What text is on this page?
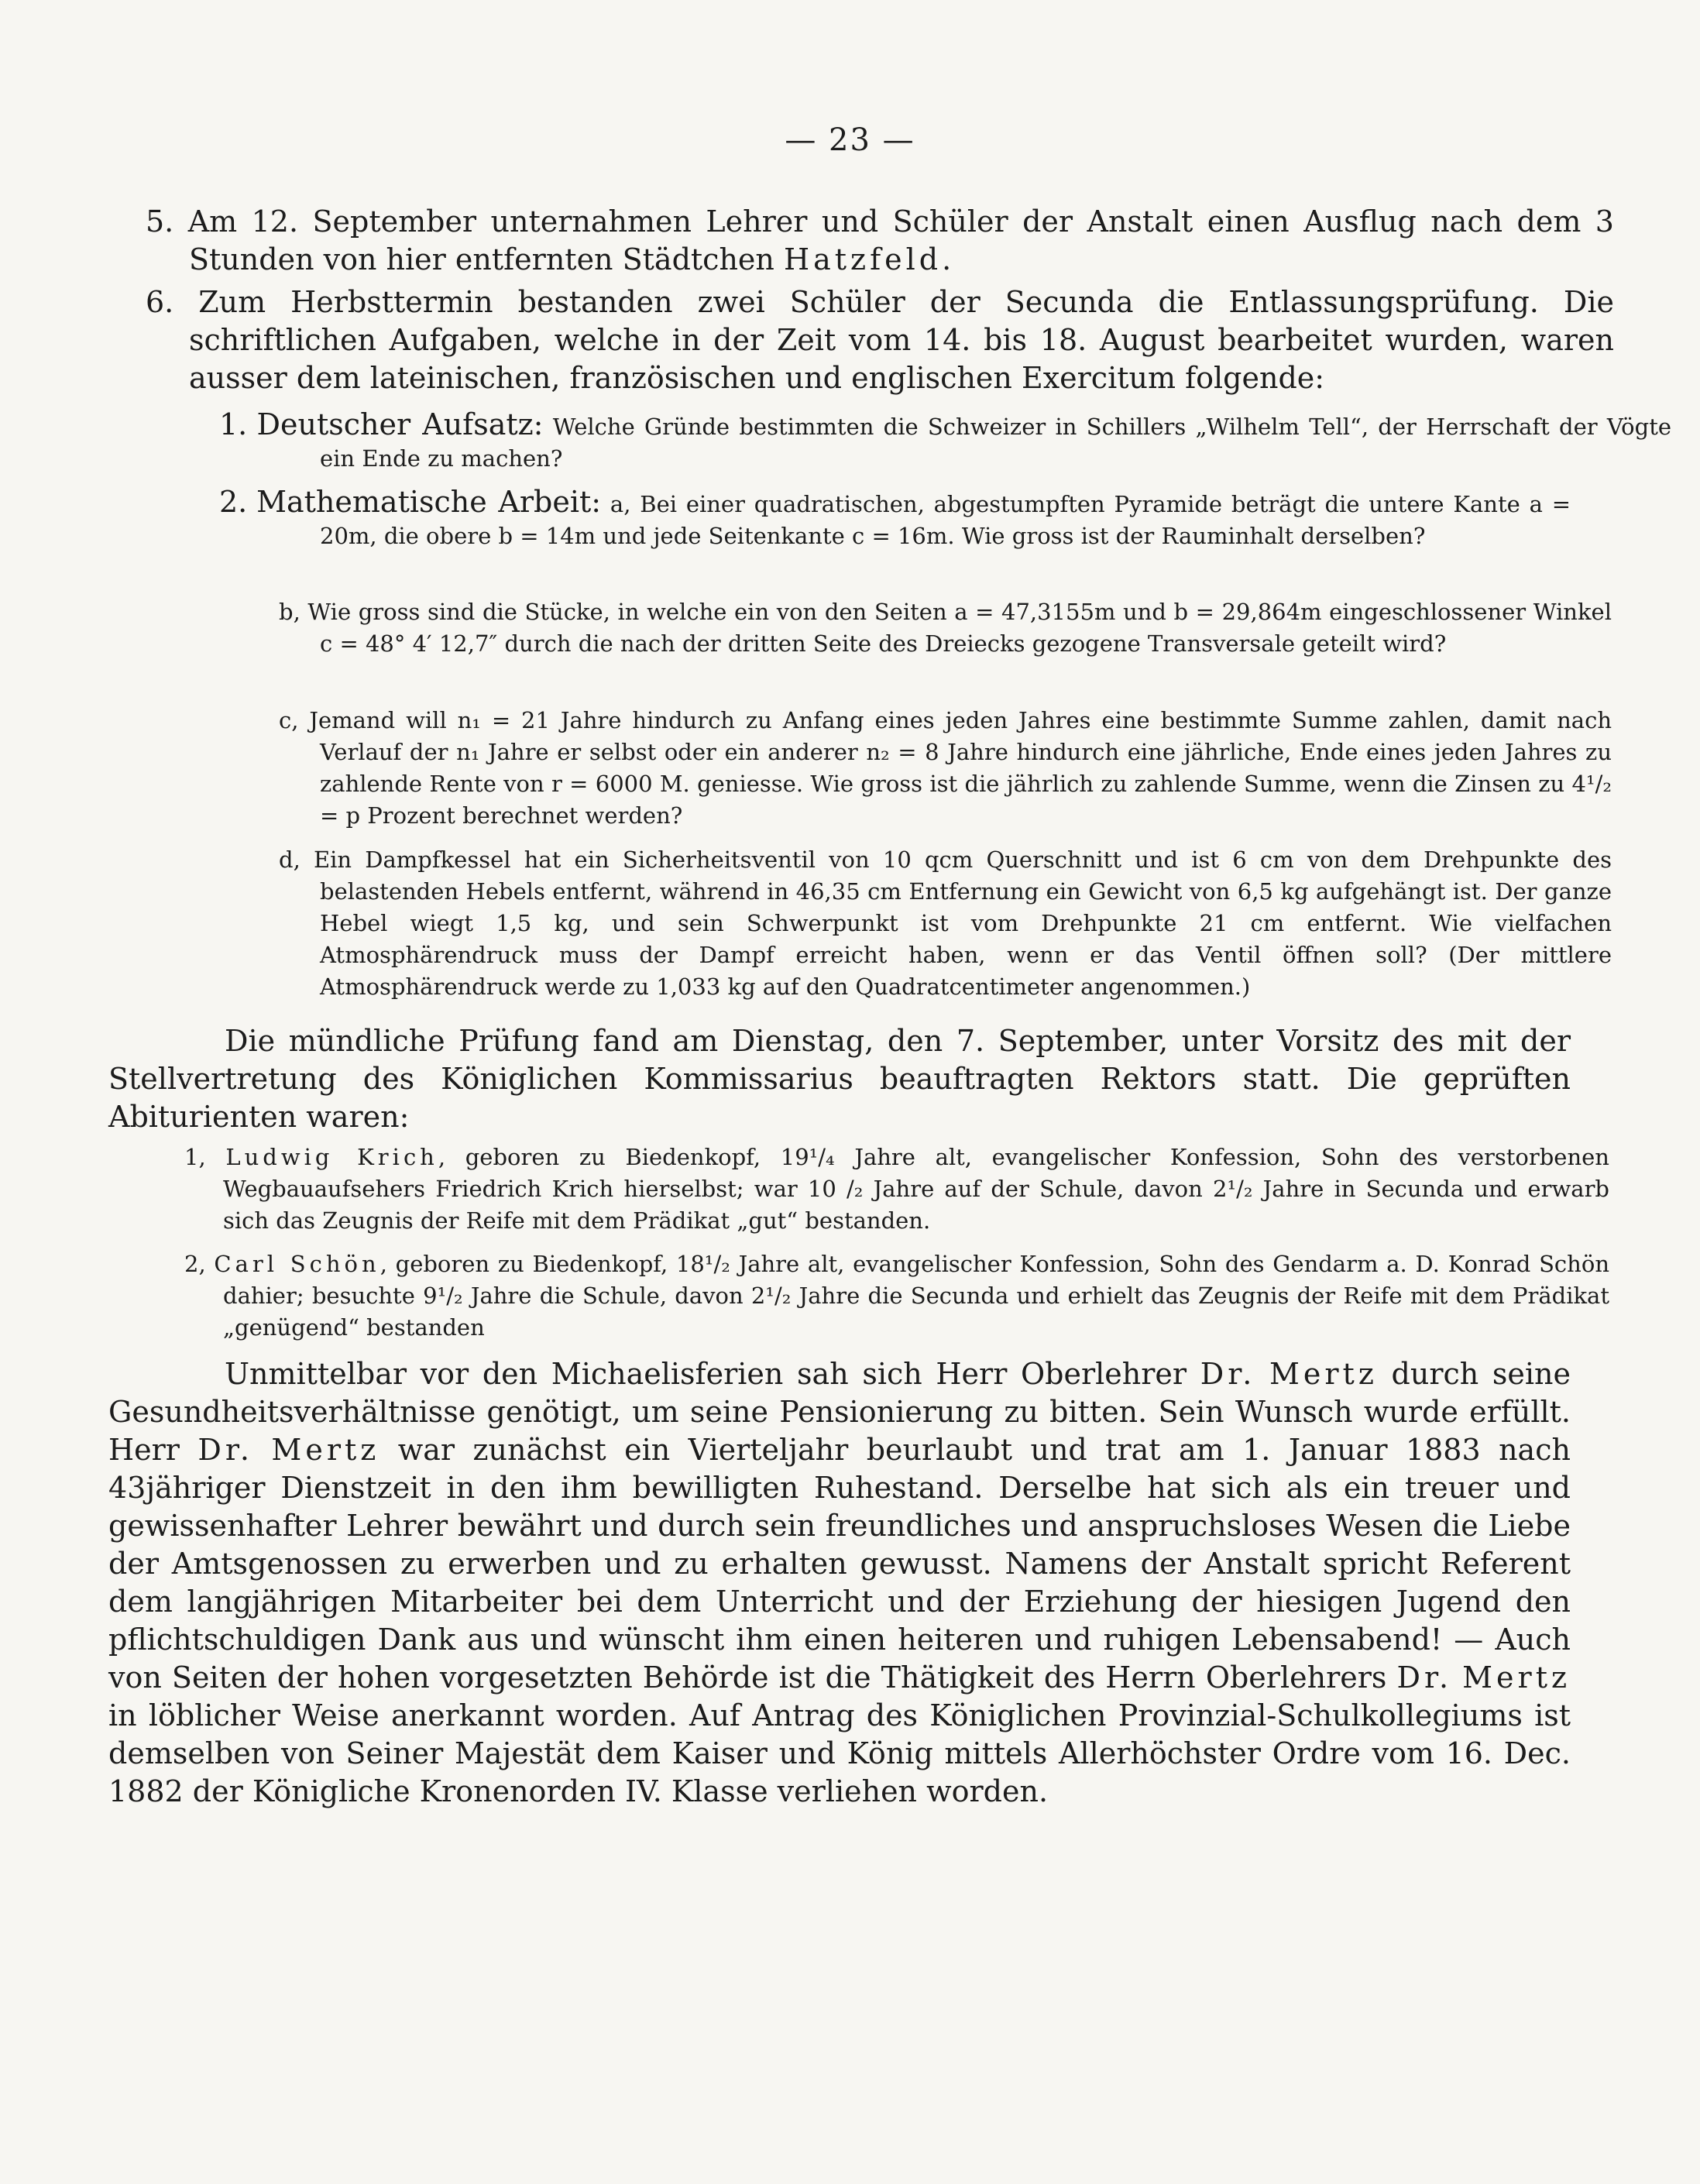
— 23 —
5. Am 12. September unternahmen Lehrer und Schüler der Anstalt einen Ausflug nach dem 3 Stunden von hier entfernten Städtchen Hatzfeld.
6. Zum Herbsttermin bestanden zwei Schüler der Secunda die Entlassungsprüfung. Die schriftlichen Aufgaben, welche in der Zeit vom 14. bis 18. August bearbeitet wurden, waren ausser dem lateinischen, französischen und englischen Exercitum folgende:
1. Deutscher Aufsatz: Welche Gründe bestimmten die Schweizer in Schillers „Wilhelm Tell“, der Herrschaft der Vögte ein Ende zu machen?
2. Mathematische Arbeit: a, Bei einer quadratischen, abgestumpften Pyramide beträgt die untere Kante a = 20m, die obere b = 14m und jede Seitenkante c = 16m. Wie gross ist der Rauminhalt derselben?
b, Wie gross sind die Stücke, in welche ein von den Seiten a = 47,3155m und b = 29,864m eingeschlossener Winkel c = 48° 4′ 12,7″ durch die nach der dritten Seite des Dreiecks gezogene Transversale geteilt wird?
c, Jemand will n₁ = 21 Jahre hindurch zu Anfang eines jeden Jahres eine bestimmte Summe zahlen, damit nach Verlauf der n₁ Jahre er selbst oder ein anderer n₂ = 8 Jahre hindurch eine jährliche, Ende eines jeden Jahres zu zahlende Rente von r = 6000 M. geniesse. Wie gross ist die jährlich zu zahlende Summe, wenn die Zinsen zu 4¹/₂ = p Prozent berechnet werden?
d, Ein Dampfkessel hat ein Sicherheitsventil von 10 qcm Querschnitt und ist 6 cm von dem Drehpunkte des belastenden Hebels entfernt, während in 46,35 cm Entfernung ein Gewicht von 6,5 kg aufgehängt ist. Der ganze Hebel wiegt 1,5 kg, und sein Schwerpunkt ist vom Drehpunkte 21 cm entfernt. Wie vielfachen Atmosphärendruck muss der Dampf erreicht haben, wenn er das Ventil öffnen soll? (Der mittlere Atmosphärendruck werde zu 1,033 kg auf den Quadratcentimeter angenommen.)
Die mündliche Prüfung fand am Dienstag, den 7. September, unter Vorsitz des mit der Stellvertretung des Königlichen Kommissarius beauftragten Rektors statt. Die geprüften Abiturienten waren:
1, Ludwig Krich, geboren zu Biedenkopf, 19¹/₄ Jahre alt, evangelischer Konfession, Sohn des verstorbenen Wegbauaufsehers Friedrich Krich hierselbst; war 10 /₂ Jahre auf der Schule, davon 2¹/₂ Jahre in Secunda und erwarb sich das Zeugnis der Reife mit dem Prädikat „gut“ bestanden.
2, Carl Schön, geboren zu Biedenkopf, 18¹/₂ Jahre alt, evangelischer Konfession, Sohn des Gendarm a. D. Konrad Schön dahier; besuchte 9¹/₂ Jahre die Schule, davon 2¹/₂ Jahre die Secunda und erhielt das Zeugnis der Reife mit dem Prädikat „genügend“ bestanden
Unmittelbar vor den Michaelisferien sah sich Herr Oberlehrer Dr. Mertz durch seine Gesundheitsverhältnisse genötigt, um seine Pensionierung zu bitten. Sein Wunsch wurde erfüllt. Herr Dr. Mertz war zunächst ein Vierteljahr beurlaubt und trat am 1. Januar 1883 nach 43jähriger Dienstzeit in den ihm bewilligten Ruhestand. Derselbe hat sich als ein treuer und gewissenhafter Lehrer bewährt und durch sein freundliches und anspruchsloses Wesen die Liebe der Amtsgenossen zu erwerben und zu erhalten gewusst. Namens der Anstalt spricht Referent dem langjährigen Mitarbeiter bei dem Unterricht und der Erziehung der hiesigen Jugend den pflichtschuldigen Dank aus und wünscht ihm einen heiteren und ruhigen Lebensabend! — Auch von Seiten der hohen vorgesetzten Behörde ist die Thätigkeit des Herrn Oberlehrers Dr. Mertz in löblicher Weise anerkannt worden. Auf Antrag des Königlichen Provinzial-Schulkollegiums ist demselben von Seiner Majestät dem Kaiser und König mittels Allerhöchster Ordre vom 16. Dec. 1882 der Königliche Kronenorden IV. Klasse verliehen worden.
